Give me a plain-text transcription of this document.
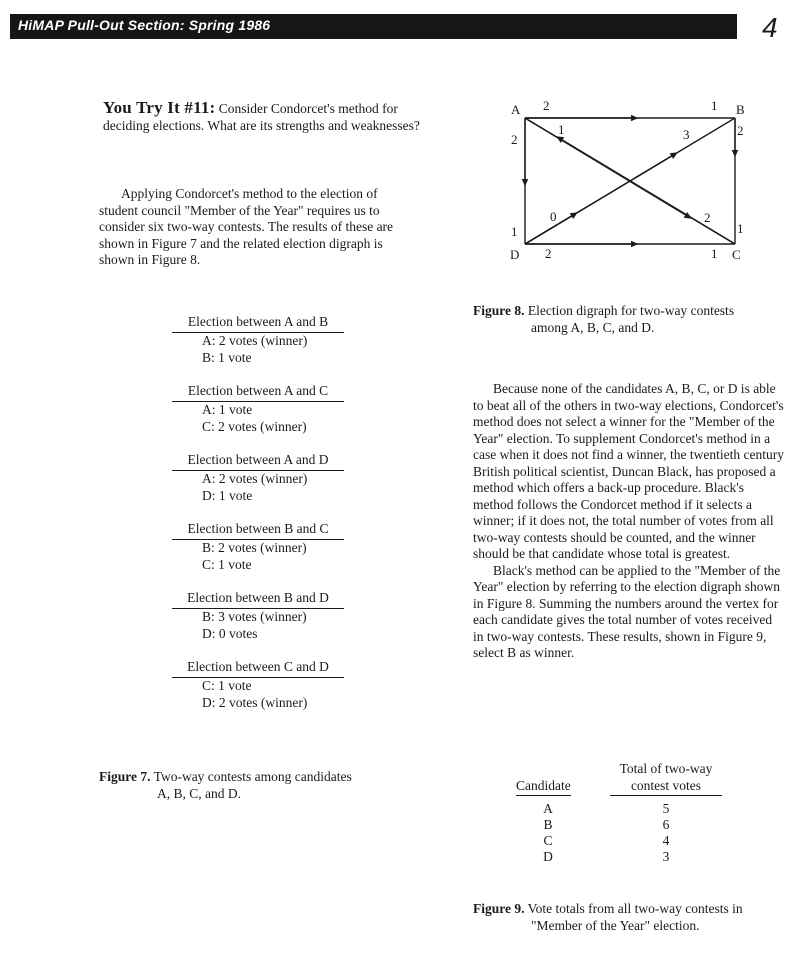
HiMAP Pull-Out Section: Spring 1986	4
You Try It #11: Consider Condorcet's method for deciding elections. What are its strengths and weaknesses?
Applying Condorcet's method to the election of student council "Member of the Year" requires us to consider six two-way contests. The results of these are shown in Figure 7 and the related election digraph is shown in Figure 8.
Election between A and B
A: 2 votes (winner)
B: 1 vote
Election between A and C
A: 1 vote
C: 2 votes (winner)
Election between A and D
A: 2 votes (winner)
D: 1 vote
Election between B and C
B: 2 votes (winner)
C: 1 vote
Election between B and D
B: 3 votes (winner)
D: 0 votes
Election between C and D
C: 1 vote
D: 2 votes (winner)
Figure 7. Two-way contests among candidates
A, B, C, and D.
A	B
C
D
2	1
2
1
2
1
2	1
1
2
3
0
Figure 8. Election digraph for two-way contests
among A, B, C, and D.

Because none of the candidates A, B, C, or D is able to beat all of the others in two-way elections, Condorcet's method does not select a winner for the "Member of the Year" election. To supplement Condorcet's method in a case when it does not find a winner, the twentieth century British political scientist, Duncan Black, has proposed a method which offers a back-up procedure. Black's method follows the Condorcet method if it selects a winner; if it does not, the total number of votes from all two-way contests should be counted, and the winner should be that candidate whose total is greatest.

Black's method can be applied to the "Member of the Year" election by referring to the election digraph shown in Figure 8. Summing the numbers around the vertex for each candidate gives the total number of votes received in two-way contests. These results, shown in Figure 9, select B as winner.

Candidate
Total of two-way
contest votes
A	5
B	6
C	4
D	3
Figure 9. Vote totals from all two-way contests in
"Member of the Year" election.
